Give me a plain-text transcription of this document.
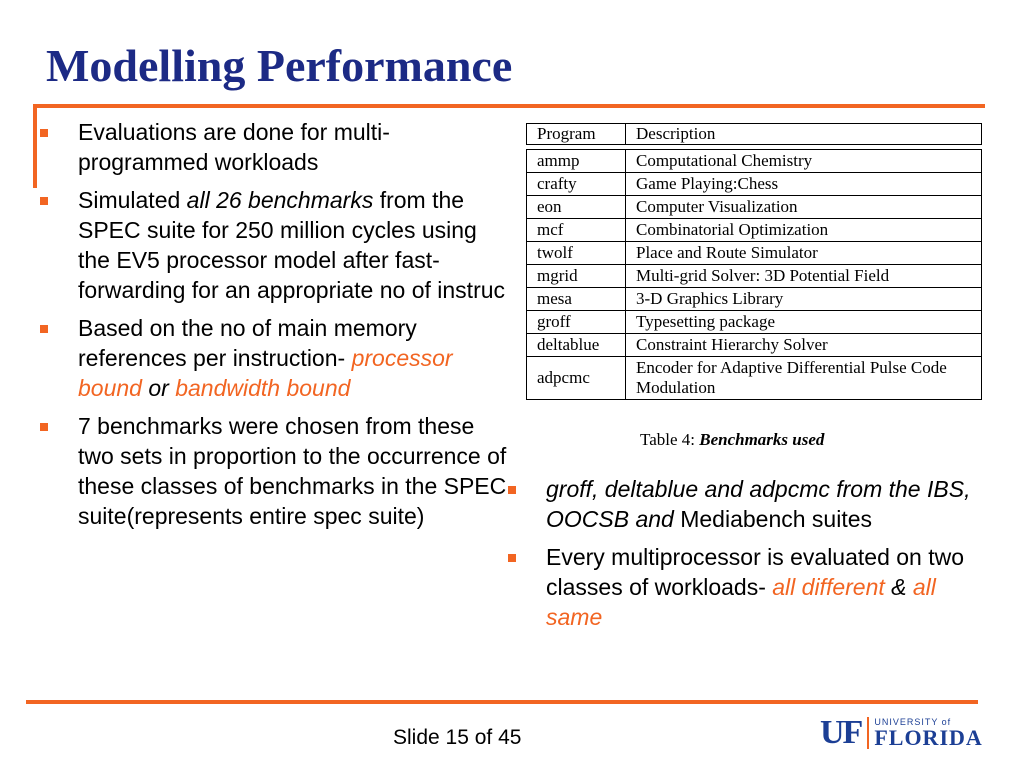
Modelling Performance
Evaluations are done for multi-programmed workloads
Simulated all 26 benchmarks from the SPEC suite for 250 million cycles using the EV5 processor model after fast-forwarding for an appropriate no of instruc
Based on the no of main memory references per instruction- processor bound or bandwidth bound
7 benchmarks were chosen from these two sets in proportion to the occurrence of these classes of benchmarks in the SPEC suite(represents entire spec suite)
Program	Description

ammp	Computational Chemistry
crafty	Game Playing:Chess
eon	Computer Visualization
mcf	Combinatorial Optimization
twolf	Place and Route Simulator
mgrid	Multi-grid Solver: 3D Potential Field
mesa	3-D Graphics Library
groff	Typesetting package
deltablue	Constraint Hierarchy Solver
adpcmc	Encoder for Adaptive Differential Pulse Code Modulation
Table 4: Benchmarks used
groff, deltablue and adpcmc from the IBS, OOCSB and Mediabench suites
Every multiprocessor is evaluated on two classes of workloads- all different & all same
Slide 15 of 45	UF UNIVERSITY of
FLORIDA
